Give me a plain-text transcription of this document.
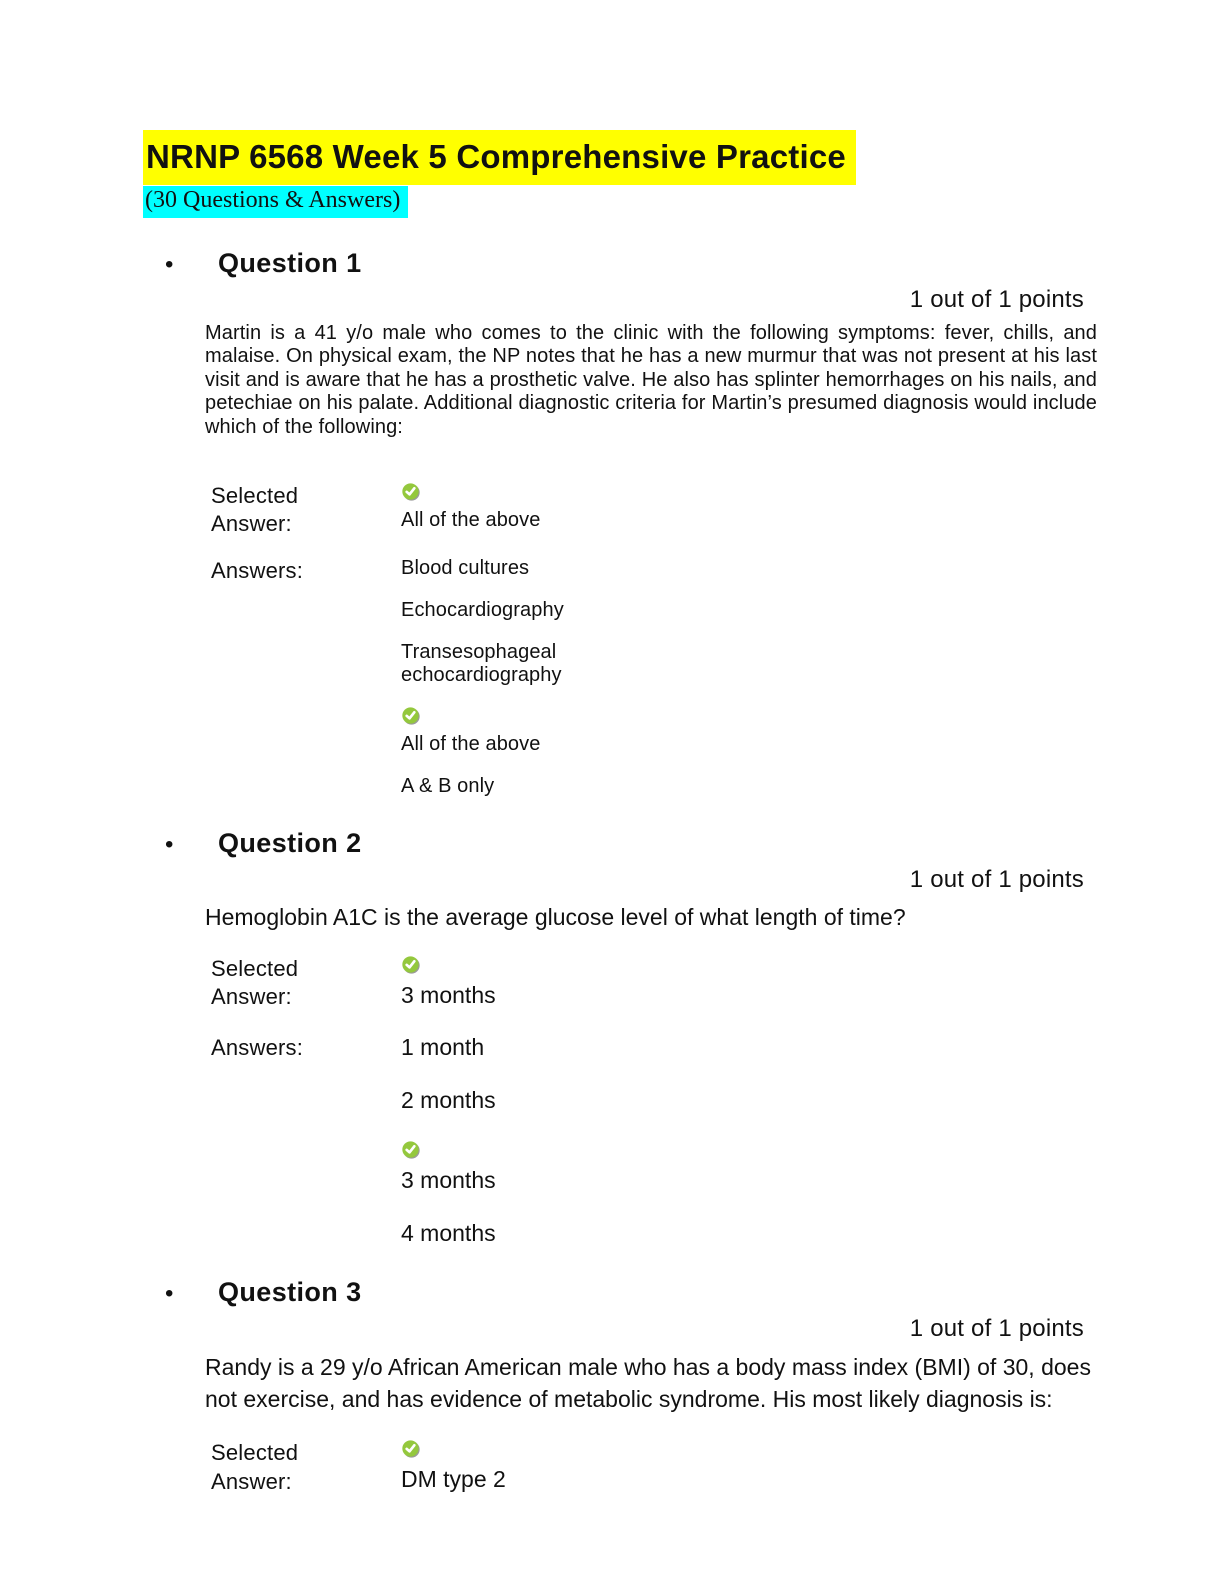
NRNP 6568 Week 5 Comprehensive Practice
(30 Questions & Answers)
•	Question 1
1 out of 1 points

Martin is a 41 y/o male who comes to the clinic with the following symptoms: fever, chills, and malaise. On physical exam, the NP notes that he has a new murmur that was not present at his last visit and is aware that he has a prosthetic valve. He also has splinter hemorrhages on his nails, and petechiae on his palate. Additional diagnostic criteria for Martin’s presumed diagnosis would include which of the following:

Selected Answer:	All of the above
Answers:	Blood cultures
Echocardiography
Transesophageal echocardiography
All of the above
A & B only
•	Question 2
1 out of 1 points

Hemoglobin A1C is the average glucose level of what length of time?

Selected Answer:	3 months
Answers:	1 month
2 months
3 months
4 months
•	Question 3
1 out of 1 points

Randy is a 29 y/o African American male who has a body mass index (BMI) of 30, does not exercise, and has evidence of metabolic syndrome. His most likely diagnosis is:

Selected Answer:	DM type 2
